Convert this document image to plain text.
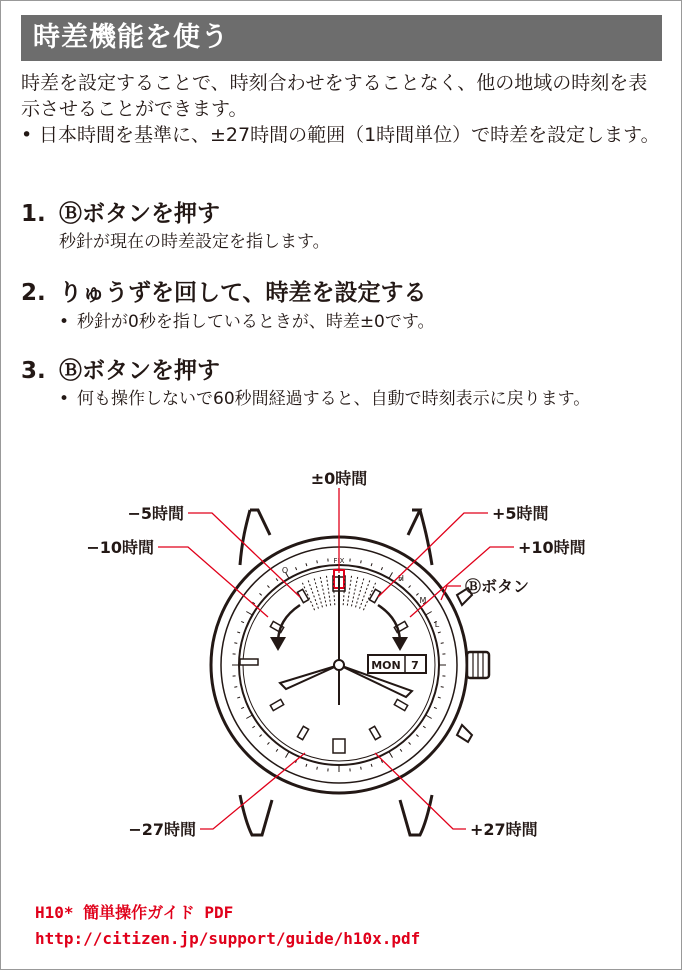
時差機能を使う
時差を設定することで、時刻合わせをすることなく、他の地域の時刻を表示させることができます。
• 日本時間を基準に、±27時間の範囲（1時間単位）で時差を設定します。
1. Ⓑボタンを押す
秒針が現在の時差設定を指します。
2. りゅうずを回して、時差を設定する
• 秒針が0秒を指しているときが、時差±0です。
3. Ⓑボタンを押す
• 何も操作しないで60秒間経過すると、自動で時刻表示に戻ります。
MON 7
FIX
O
H
M
L
±0時間
−5時間
−10時間
+5時間
+10時間
Ⓑボタン
−27時間	+27時間
H10* 簡単操作ガイド PDF
http://citizen.jp/support/guide/h10x.pdf
